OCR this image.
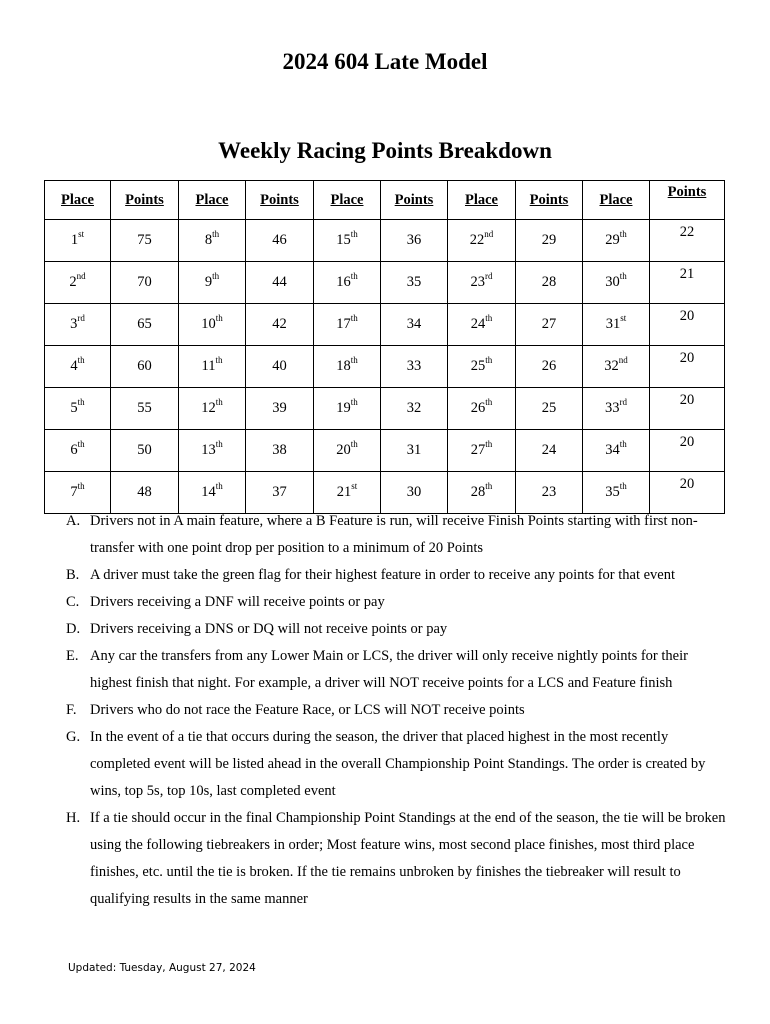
2024 604 Late Model
Weekly Racing Points Breakdown
Place	Points	Place	Points	Place	Points	Place	Points	Place	Points
1st	75	8th	46	15th	36	22nd	29	29th	22
2nd	70	9th	44	16th	35	23rd	28	30th	21
3rd	65	10th	42	17th	34	24th	27	31st	20
4th	60	11th	40	18th	33	25th	26	32nd	20
5th	55	12th	39	19th	32	26th	25	33rd	20
6th	50	13th	38	20th	31	27th	24	34th	20
7th	48	14th	37	21st	30	28th	23	35th	20
A. Drivers not in A main feature, where a B Feature is run, will receive Finish Points starting with first non-transfer with one point drop per position to a minimum of 20 Points
B. A driver must take the green flag for their highest feature in order to receive any points for that event
C. Drivers receiving a DNF will receive points or pay
D. Drivers receiving a DNS or DQ will not receive points or pay
E. Any car the transfers from any Lower Main or LCS, the driver will only receive nightly points for their highest finish that night. For example, a driver will NOT receive points for a LCS and Feature finish
F. Drivers who do not race the Feature Race, or LCS will NOT receive points
G. In the event of a tie that occurs during the season, the driver that placed highest in the most recently completed event will be listed ahead in the overall Championship Point Standings. The order is created by wins, top 5s, top 10s, last completed event
H. If a tie should occur in the final Championship Point Standings at the end of the season, the tie will be broken using the following tiebreakers in order; Most feature wins, most second place finishes, most third place finishes, etc. until the tie is broken. If the tie remains unbroken by finishes the tiebreaker will result to qualifying results in the same manner
Updated: Tuesday, August 27, 2024
